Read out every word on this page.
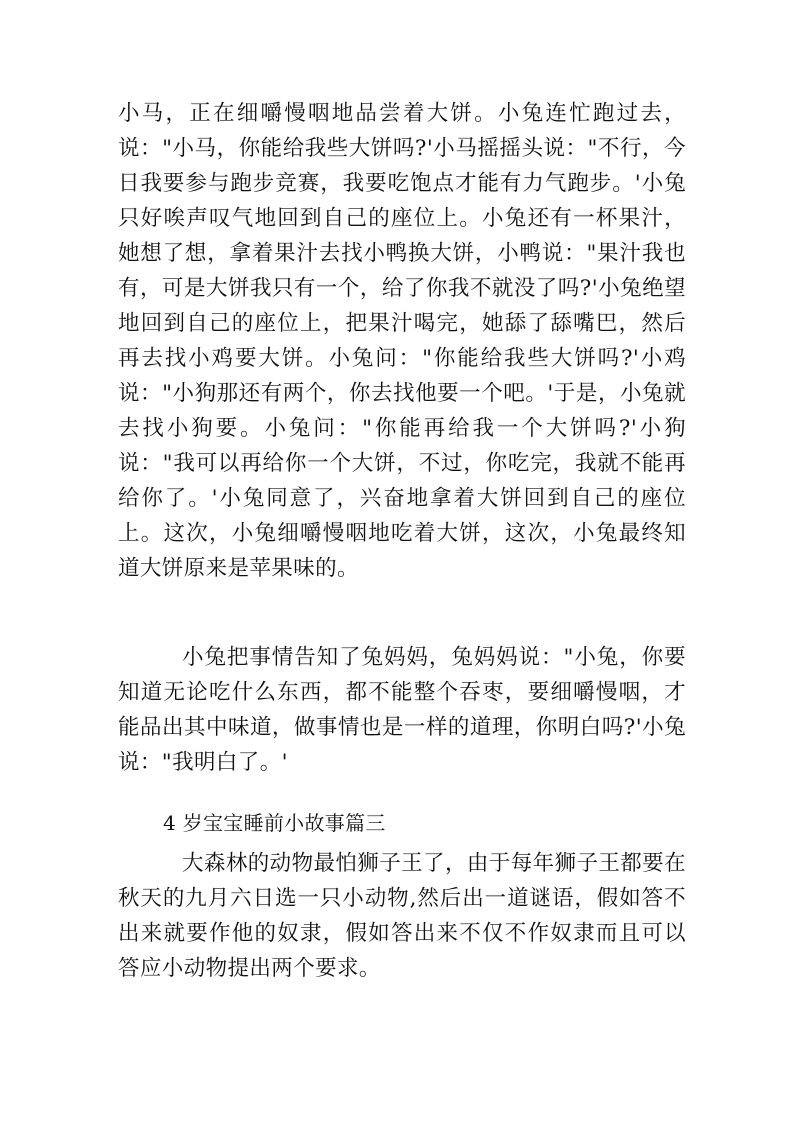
小马，正在细嚼慢咽地品尝着大饼。小兔连忙跑过去，说："小马，你能给我些大饼吗?'小马摇摇头说："不行，今日我要参与跑步竞赛，我要吃饱点才能有力气跑步。'小兔只好唉声叹气地回到自己的座位上。小兔还有一杯果汁，她想了想，拿着果汁去找小鸭换大饼，小鸭说："果汁我也有，可是大饼我只有一个，给了你我不就没了吗?'小兔绝望地回到自己的座位上，把果汁喝完，她舔了舔嘴巴，然后再去找小鸡要大饼。小兔问："你能给我些大饼吗?'小鸡说："小狗那还有两个，你去找他要一个吧。'于是，小兔就去找小狗要。小兔问："你能再给我一个大饼吗?'小狗说："我可以再给你一个大饼，不过，你吃完，我就不能再给你了。'小兔同意了，兴奋地拿着大饼回到自己的座位上。这次，小兔细嚼慢咽地吃着大饼，这次，小兔最终知道大饼原来是苹果味的。

小兔把事情告知了兔妈妈，兔妈妈说："小兔，你要知道无论吃什么东西，都不能整个吞枣，要细嚼慢咽，才能品出其中味道，做事情也是一样的道理，你明白吗?'小兔说："我明白了。'

4 岁宝宝睡前小故事篇三

大森林的动物最怕狮子王了，由于每年狮子王都要在秋天的九月六日选一只小动物,然后出一道谜语，假如答不出来就要作他的奴隶，假如答出来不仅不作奴隶而且可以答应小动物提出两个要求。
